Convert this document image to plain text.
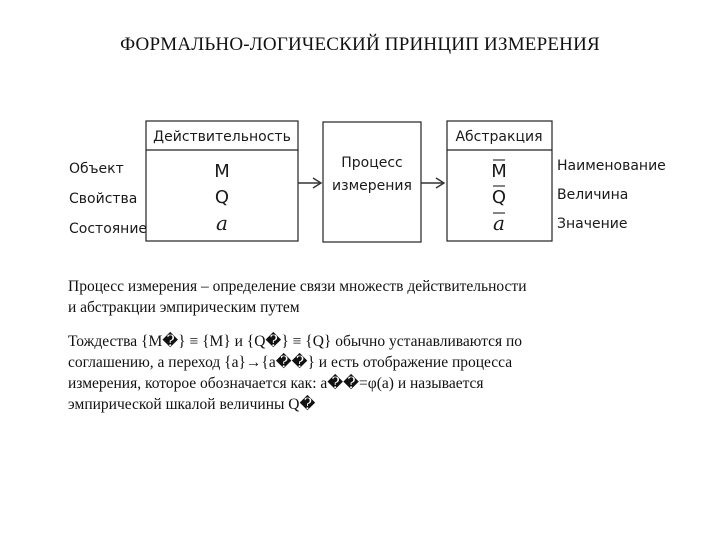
ФОРМАЛЬНО-ЛОГИЧЕСКИЙ ПРИНЦИП ИЗМЕРЕНИЯ
Объект
Свойства
Состояние
Действительность
M
Q
a
Процесс
измерения
Абстракция
M
Q
a
Наименование
Величина
Значение
Процесс измерения – определение связи множеств действительности
и абстракции эмпирическим путем
Тождества {M�} ≡ {M} и {Q�} ≡ {Q} обычно устанавливаются по
соглашению, а переход {a}→{a��} и есть отображение процесса
измерения, которое обозначается как: a��=φ(a) и называется
эмпирической шкалой величины Q�
